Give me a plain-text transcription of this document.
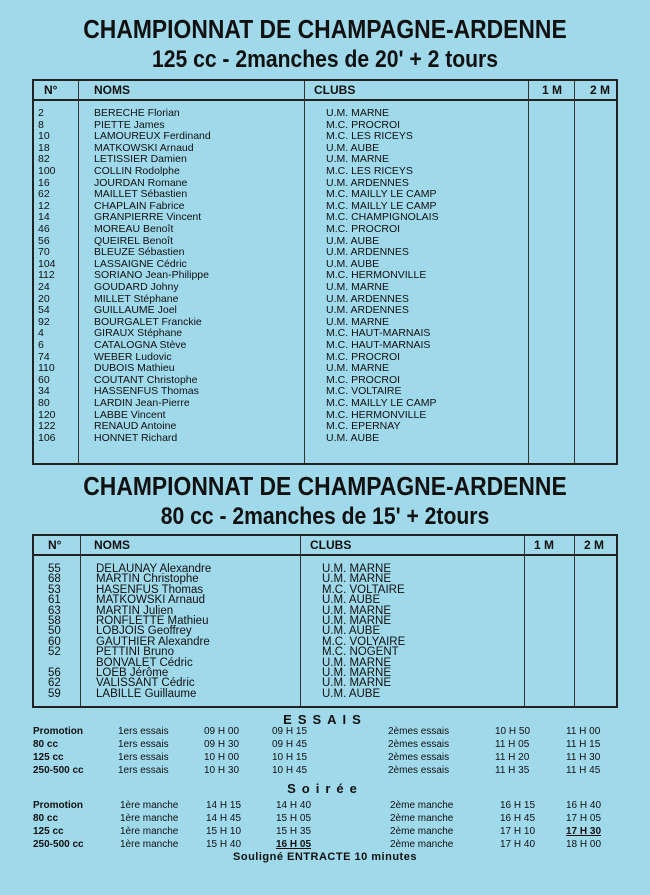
CHAMPIONNAT DE CHAMPAGNE-ARDENNE
125 cc - 2manches de 20' + 2 tours
N°	NOMS	CLUBS	1 M 2 M
2	BERECHE Florian	U.M. MARNE
8	PIETTE James	M.C. PROCROI
10	LAMOUREUX Ferdinand	M.C. LES RICEYS
18	MATKOWSKI Arnaud	U.M. AUBE
82	LETISSIER Damien	U.M. MARNE
100	COLLIN Rodolphe	M.C. LES RICEYS
16	JOURDAN Romane	U.M. ARDENNES
62	MAILLET Sébastien	M.C. MAILLY LE CAMP
12	CHAPLAIN Fabrice	M.C. MAILLY LE CAMP
14	GRANPIERRE Vincent	M.C. CHAMPIGNOLAIS
46	MOREAU Benoît	M.C. PROCROI
56	QUEIREL Benoît	U.M. AUBE
70	BLEUZE Sébastien	U.M. ARDENNES
104	LASSAIGNE Cédric	U.M. AUBE
112	SORIANO Jean-Philippe	M.C. HERMONVILLE
24	GOUDARD Johny	U.M. MARNE
20	MILLET Stéphane	U.M. ARDENNES
54	GUILLAUME Joel	U.M. ARDENNES
92	BOURGALET Franckie	U.M. MARNE
4	GIRAUX Stéphane	M.C. HAUT-MARNAIS
6	CATALOGNA Stève	M.C. HAUT-MARNAIS
74	WEBER Ludovic	M.C. PROCROI
110	DUBOIS Mathieu	U.M. MARNE
60	COUTANT Christophe	M.C. PROCROI
34	HASSENFUS Thomas	M.C. VOLTAIRE
80	LARDIN Jean-Pierre	M.C. MAILLY LE CAMP
120	LABBE Vincent	M.C. HERMONVILLE
122	RENAUD Antoine	M.C. EPERNAY
106	HONNET Richard	U.M. AUBE
CHAMPIONNAT DE CHAMPAGNE-ARDENNE
80 cc - 2manches de 15' + 2tours
N°	NOMS	CLUBS	1 M 2 M
55	DELAUNAY Alexandre	U.M. MARNE
68	MARTIN Christophe	U.M. MARNE
53	HASENFUS Thomas	M.C. VOLTAIRE
61	MATKOWSKI Arnaud	U.M. AUBE
63	MARTIN Julien	U.M. MARNE
58	RONFLETTE Mathieu	U.M. MARNE
50	LOBJOIS Geoffrey	U.M. AUBE
60	GAUTHIER Alexandre	M.C. VOLYAIRE
52	PETTINI Bruno	M.C. NOGENT
BONVALET Cédric	U.M. MARNE
56	LOEB Jérôme	U.M. MARNE
62	VALISSANT Cédric	U.M. MARNE
59	LABILLE Guillaume	U.M. AUBE
ESSAIS
Promotion	1ers essais	09 H 00	09 H 15	2èmes essais	10 H 50	11 H 00
80 cc	1ers essais	09 H 30	09 H 45	2èmes essais	11 H 05	11 H 15
125 cc	1ers essais	10 H 00	10 H 15	2èmes essais	11 H 20	11 H 30
250-500 cc	1ers essais	10 H 30	10 H 45	2èmes essais	11 H 35	11 H 45
Soirée
Promotion	1ère manche	14 H 15	14 H 40	2ème manche	16 H 15	16 H 40
80 cc	1ère manche	14 H 45	15 H 05	2ème manche	16 H 45	17 H 05
125 cc	1ère manche	15 H 10	15 H 35	2ème manche	17 H 10	17 H 30
250-500 cc	1ère manche	15 H 40	16 H 05	2ème manche	17 H 40	18 H 00
Souligné ENTRACTE 10 minutes
